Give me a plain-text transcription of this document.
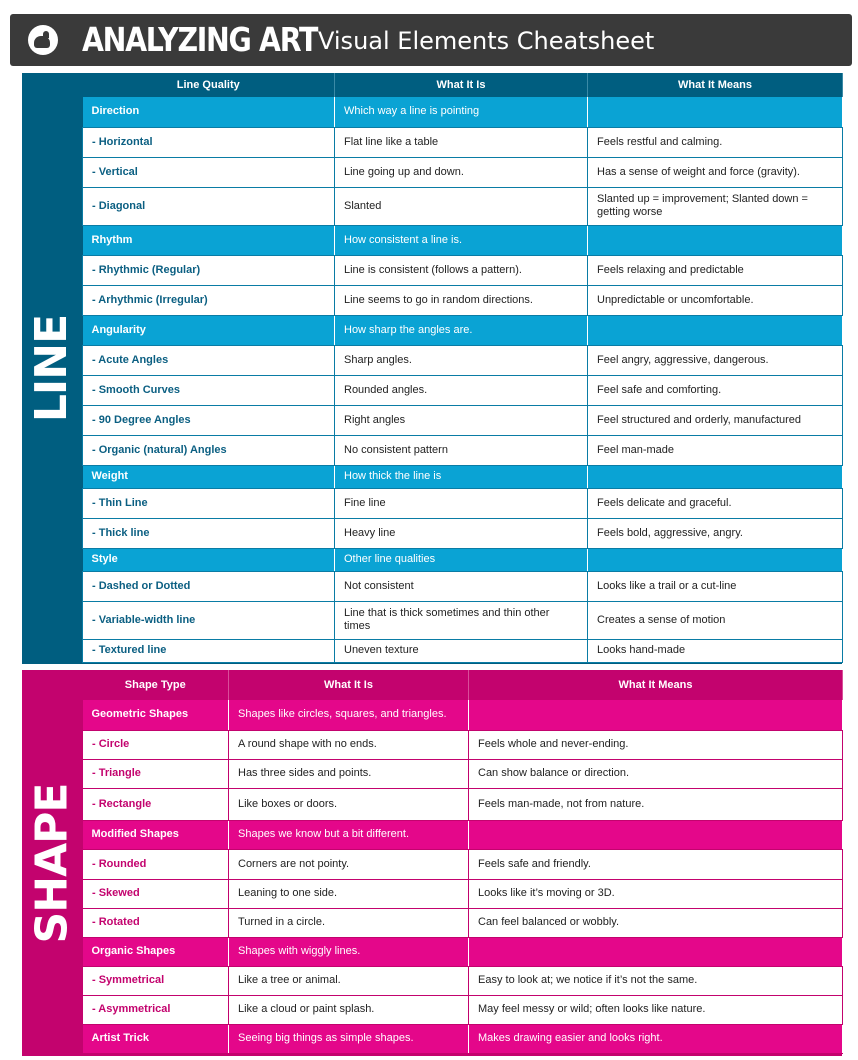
ANALYZING ART Visual Elements Cheatsheet
LINE
Line Quality	What It Is	What It Means
Direction	Which way a line is pointing	
- Horizontal	Flat line like a table	Feels restful and calming.
- Vertical	Line going up and down.	Has a sense of weight and force (gravity).
- Diagonal	Slanted	Slanted up = improvement; Slanted down = getting worse
Rhythm	How consistent a line is.	
- Rhythmic (Regular)	Line is consistent (follows a pattern).	Feels relaxing and predictable
- Arhythmic (Irregular)	Line seems to go in random directions.	Unpredictable or uncomfortable.
Angularity	How sharp the angles are.	
- Acute Angles	Sharp angles.	Feel angry, aggressive, dangerous.
- Smooth Curves	Rounded angles.	Feel safe and comforting.
- 90 Degree Angles	Right angles	Feel structured and orderly, manufactured
- Organic (natural) Angles	No consistent pattern	Feel man-made
Weight	How thick the line is	
- Thin Line	Fine line	Feels delicate and graceful.
- Thick line	Heavy line	Feels bold, aggressive, angry.
Style	Other line qualities	
- Dashed or Dotted	Not consistent	Looks like a trail or a cut-line
- Variable-width line	Line that is thick sometimes and thin other times	Creates a sense of motion
- Textured line	Uneven texture	Looks hand-made
SHAPE
Shape Type	What It Is	What It Means
Geometric Shapes	Shapes like circles, squares, and triangles.	
- Circle	A round shape with no ends.	Feels whole and never-ending.
- Triangle	Has three sides and points.	Can show balance or direction.
- Rectangle	Like boxes or doors.	Feels man-made, not from nature.
Modified Shapes	Shapes we know but a bit different.	
- Rounded	Corners are not pointy.	Feels safe and friendly.
- Skewed	Leaning to one side.	Looks like it’s moving or 3D.
- Rotated	Turned in a circle.	Can feel balanced or wobbly.
Organic Shapes	Shapes with wiggly lines.	
- Symmetrical	Like a tree or animal.	Easy to look at; we notice if it’s not the same.
- Asymmetrical	Like a cloud or paint splash.	May feel messy or wild; often looks like nature.
Artist Trick	Seeing big things as simple shapes.	Makes drawing easier and looks right.
